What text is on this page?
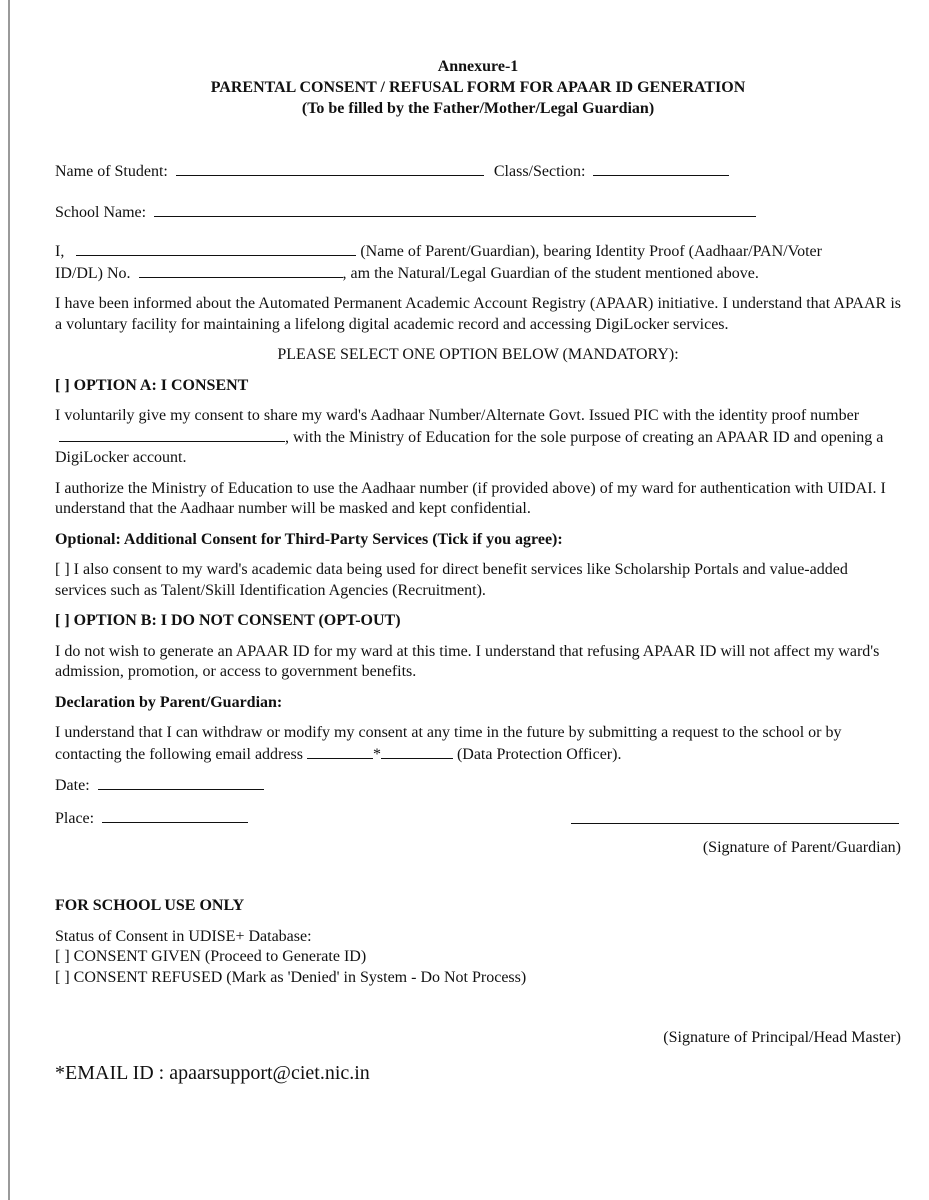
Annexure-1
PARENTAL CONSENT / REFUSAL FORM FOR APAAR ID GENERATION
(To be filled by the Father/Mother/Legal Guardian)
Name of Student:	Class/Section:
School Name:
I,	(Name of Parent/Guardian), bearing Identity Proof (Aadhaar/PAN/Voter
ID/DL) No.	, am the Natural/Legal Guardian of the student mentioned above.
I have been informed about the Automated Permanent Academic Account Registry (APAAR) initiative. I understand that APAAR is a voluntary facility for maintaining a lifelong digital academic record and accessing DigiLocker services.
PLEASE SELECT ONE OPTION BELOW (MANDATORY):
[ ] OPTION A: I CONSENT
I voluntarily give my consent to share my ward's Aadhaar Number/Alternate Govt. Issued PIC with the identity proof number , with the Ministry of Education for the sole purpose of creating an APAAR ID and opening a DigiLocker account.
I authorize the Ministry of Education to use the Aadhaar number (if provided above) of my ward for authentication with UIDAI. I understand that the Aadhaar number will be masked and kept confidential.
Optional: Additional Consent for Third-Party Services (Tick if you agree):
[ ] I also consent to my ward's academic data being used for direct benefit services like Scholarship Portals and value-added services such as Talent/Skill Identification Agencies (Recruitment).
[ ] OPTION B: I DO NOT CONSENT (OPT-OUT)
I do not wish to generate an APAAR ID for my ward at this time. I understand that refusing APAAR ID will not affect my ward's admission, promotion, or access to government benefits.
Declaration by Parent/Guardian:
I understand that I can withdraw or modify my consent at any time in the future by submitting a request to the school or by contacting the following email address	*	(Data Protection Officer).
Date:
Place:
(Signature of Parent/Guardian)
FOR SCHOOL USE ONLY
Status of Consent in UDISE+ Database:
[ ] CONSENT GIVEN (Proceed to Generate ID)
[ ] CONSENT REFUSED (Mark as 'Denied' in System - Do Not Process)
(Signature of Principal/Head Master)
*EMAIL ID : apaarsupport@ciet.nic.in
